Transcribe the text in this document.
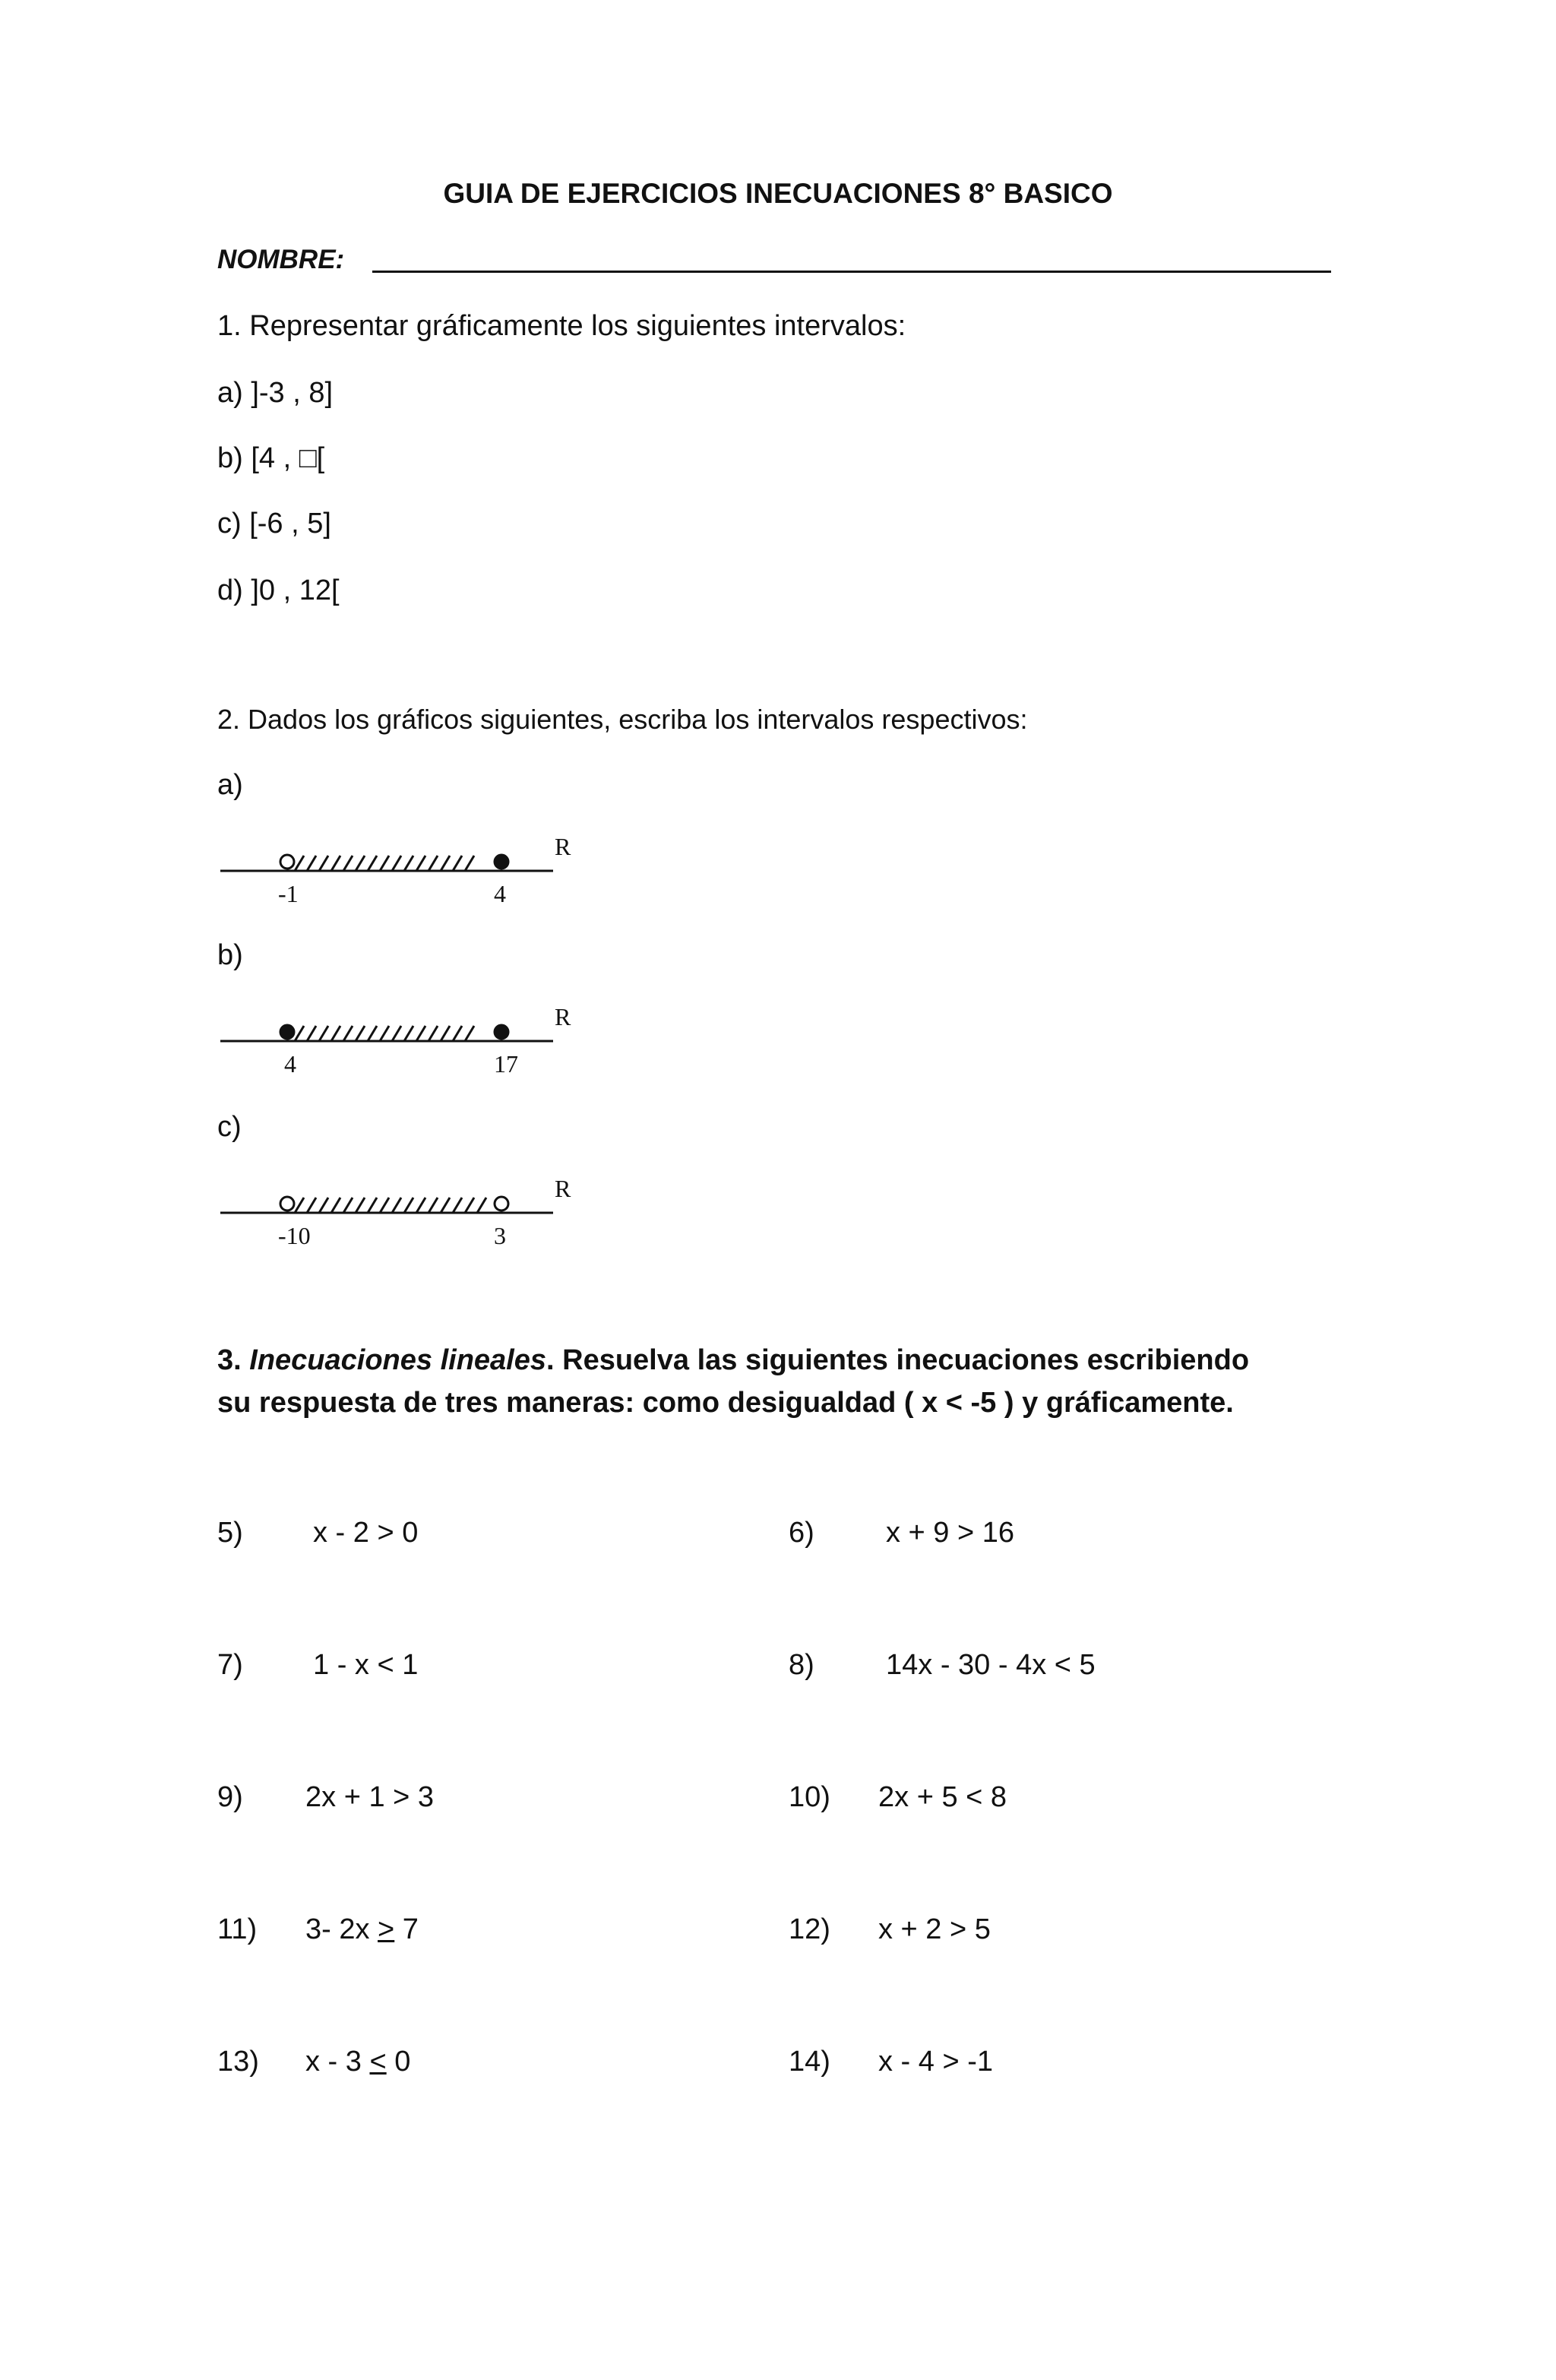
GUIA DE EJERCICIOS INECUACIONES 8° BASICO
NOMBRE:
1. Representar gráficamente los siguientes intervalos:
a) ]-3 , 8]
b) [4 , □[
c) [-6 , 5]
d) ]0 , 12[
2. Dados los gráficos siguientes, escriba los intervalos respectivos:
a)
R
-1	4
b)
R
4	17
c)
R
-10	3
3. Inecuaciones lineales. Resuelva las siguientes inecuaciones escribiendo
su respuesta de tres maneras: como desigualdad ( x < -5 ) y gráficamente.
5) x - 2 > 0	6) x + 9 > 16
7) 1 - x < 1	8) 14x - 30 - 4x < 5
9) 2x + 1 > 3	10) 2x + 5 < 8
11) 3- 2x > 7	12) x + 2 > 5
13) x - 3 < 0	14) x - 4 > -1
